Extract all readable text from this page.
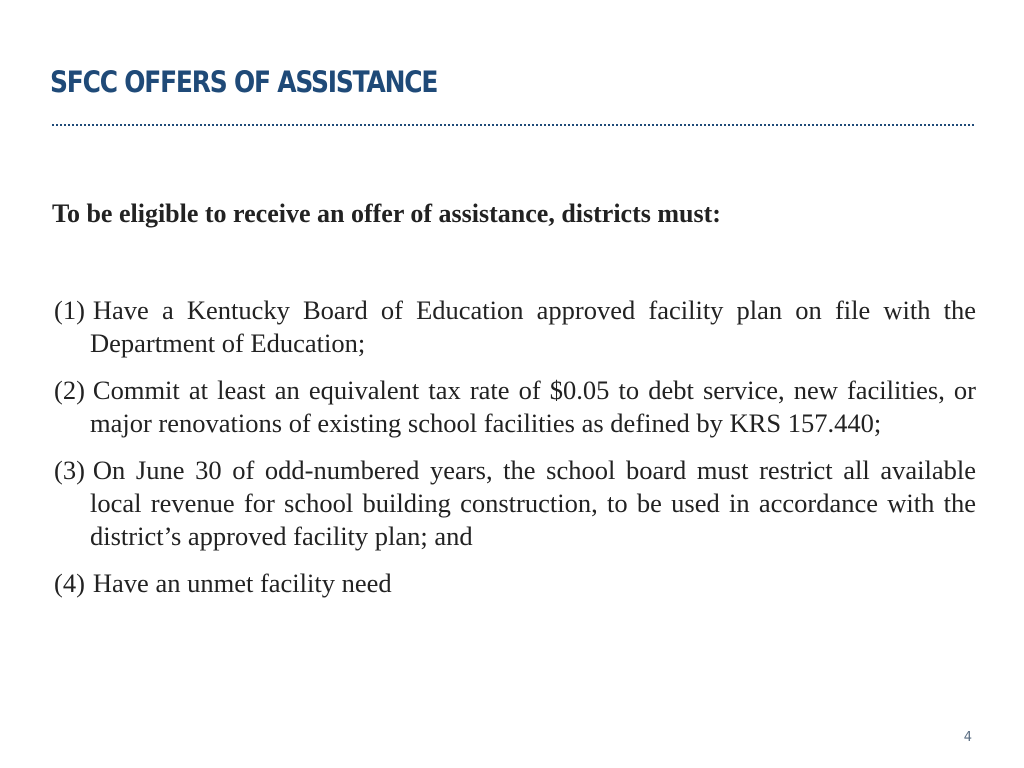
SFCC OFFERS OF ASSISTANCE

To be eligible to receive an offer of assistance, districts must:

(1) Have a Kentucky Board of Education approved facility plan on file with the Department of Education;
(2) Commit at least an equivalent tax rate of $0.05 to debt service, new facilities, or major renovations of existing school facilities as defined by KRS 157.440;
(3) On June 30 of odd-numbered years, the school board must restrict all available local revenue for school building construction, to be used in accordance with the district’s approved facility plan; and
(4) Have an unmet facility need
4
